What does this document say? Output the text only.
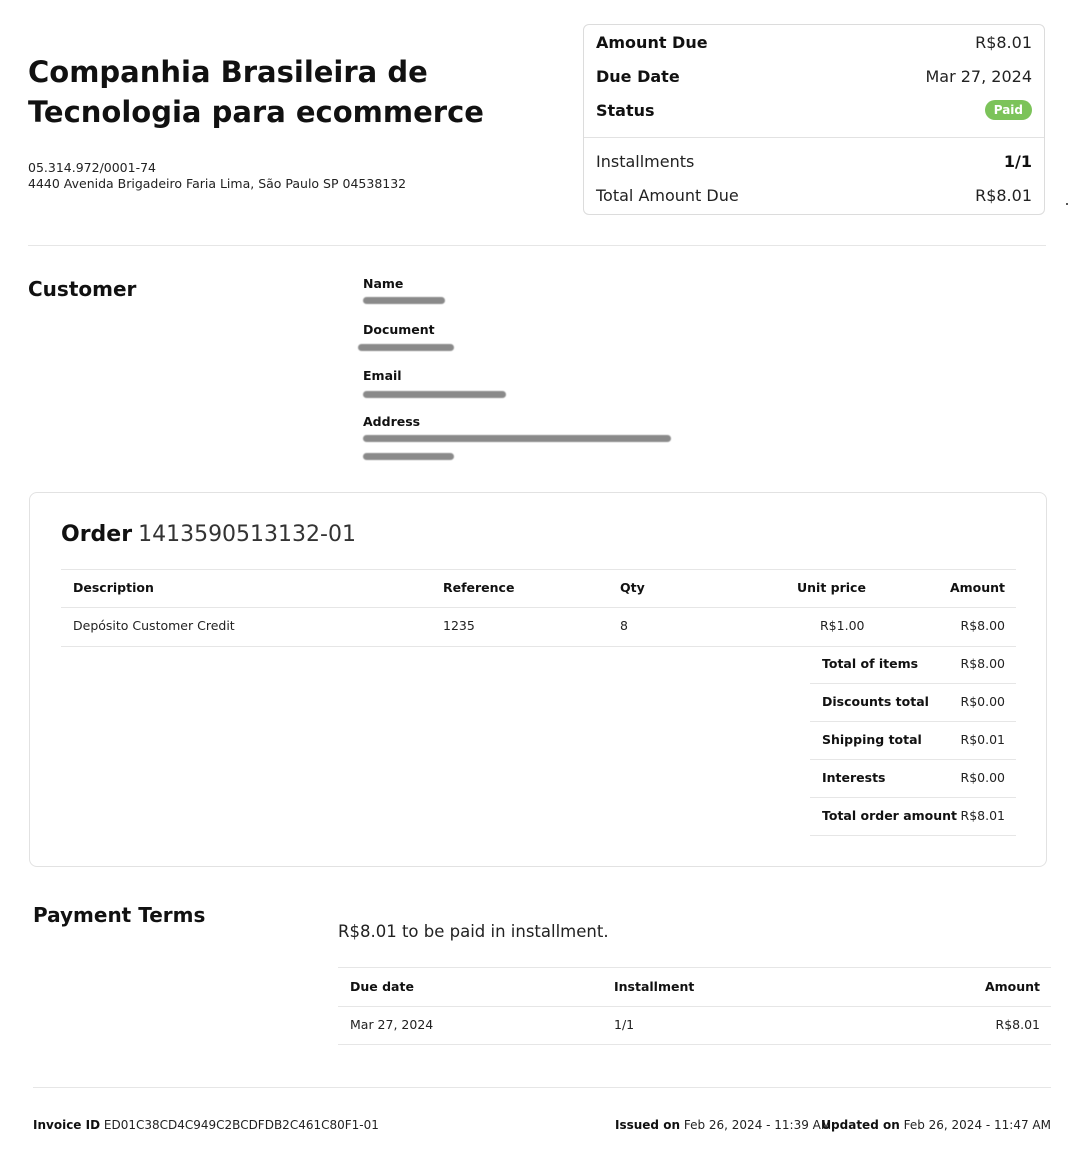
Companhia Brasileira de Tecnologia para ecommerce
05.314.972/0001-74
4440 Avenida Brigadeiro Faria Lima, São Paulo SP 04538132
Amount Due	R$8.01
Due Date	Mar 27, 2024
Status	Paid
Installments	1/1
Total Amount Due	R$8.01
Customer	Name
Document
Email
Address
Order 1413590513132-01
Description	Reference	Qty	Unit price	Amount
Depósito Customer Credit	1235	8	R$1.00	R$8.00
Total of items	R$8.00
Discounts total	R$0.00
Shipping total	R$0.01
Interests	R$0.00
Total order amount R$8.01
Payment Terms
R$8.01 to be paid in installment.
Due date	Installment	Amount
Mar 27, 2024	1/1	R$8.01
Invoice ID ED01C38CD4C949C2BCDFDB2C461C80F1-01	Issued on Feb 26, 2024 - 11:39 AM
Updated on Feb 26, 2024 - 11:47 AM
